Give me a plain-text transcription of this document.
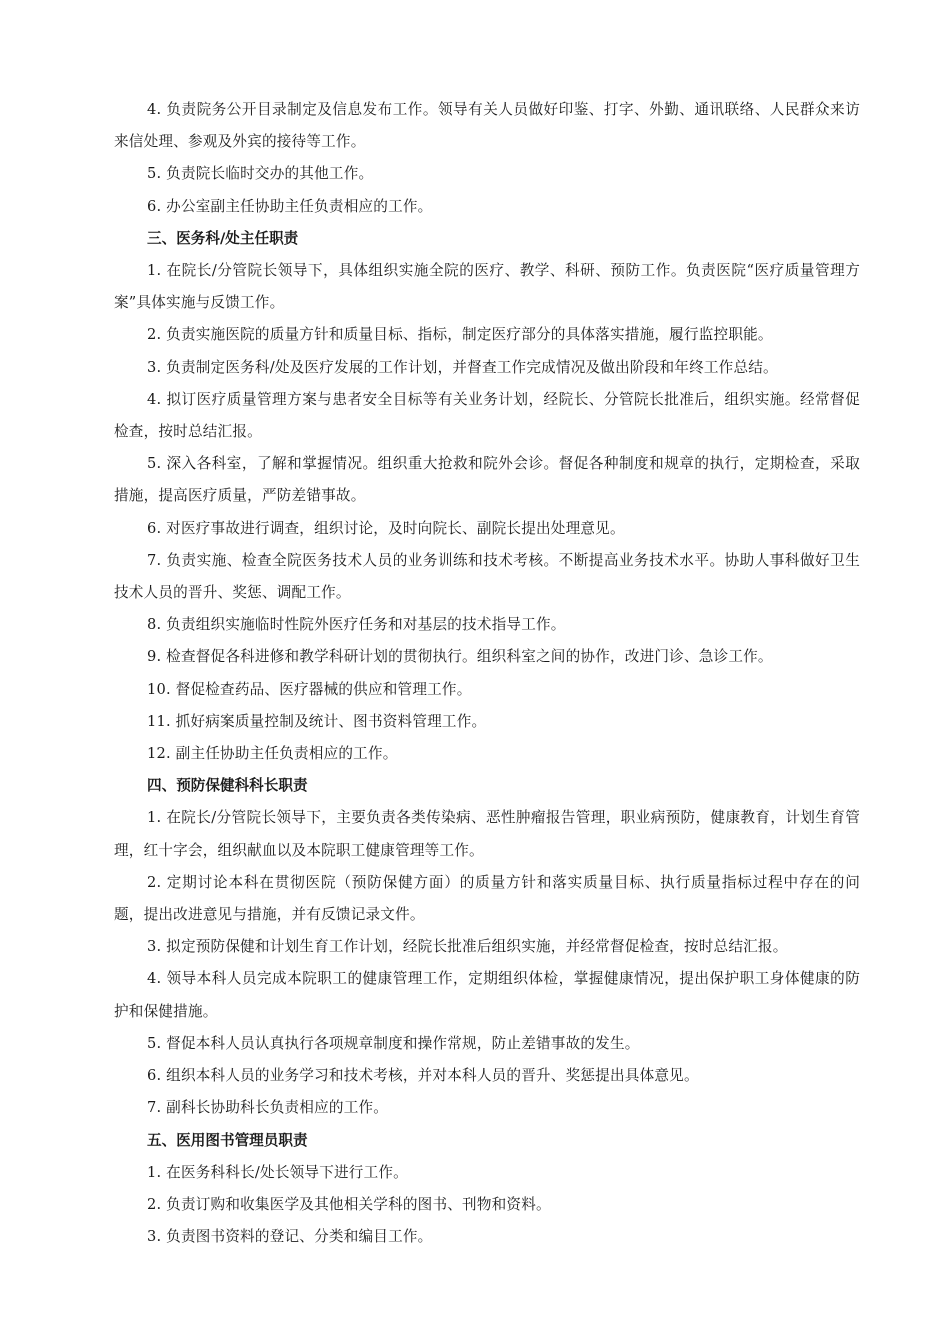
4. 负责院务公开目录制定及信息发布工作。领导有关人员做好印鉴、打字、外勤、通讯联络、人民群众来访来信处理、参观及外宾的接待等工作。

5. 负责院长临时交办的其他工作。

6. 办公室副主任协助主任负责相应的工作。

三、医务科/处主任职责

1. 在院长/分管院长领导下，具体组织实施全院的医疗、教学、科研、预防工作。负责医院“医疗质量管理方案”具体实施与反馈工作。

2. 负责实施医院的质量方针和质量目标、指标，制定医疗部分的具体落实措施，履行监控职能。

3. 负责制定医务科/处及医疗发展的工作计划，并督查工作完成情况及做出阶段和年终工作总结。

4. 拟订医疗质量管理方案与患者安全目标等有关业务计划，经院长、分管院长批准后，组织实施。经常督促检查，按时总结汇报。

5. 深入各科室，了解和掌握情况。组织重大抢救和院外会诊。督促各种制度和规章的执行，定期检查，采取措施，提高医疗质量，严防差错事故。

6. 对医疗事故进行调查，组织讨论，及时向院长、副院长提出处理意见。

7. 负责实施、检查全院医务技术人员的业务训练和技术考核。不断提高业务技术水平。协助人事科做好卫生技术人员的晋升、奖惩、调配工作。

8. 负责组织实施临时性院外医疗任务和对基层的技术指导工作。

9. 检查督促各科进修和教学科研计划的贯彻执行。组织科室之间的协作，改进门诊、急诊工作。

10. 督促检查药品、医疗器械的供应和管理工作。

11. 抓好病案质量控制及统计、图书资料管理工作。

12. 副主任协助主任负责相应的工作。

四、预防保健科科长职责

1. 在院长/分管院长领导下，主要负责各类传染病、恶性肿瘤报告管理，职业病预防，健康教育，计划生育管理，红十字会，组织献血以及本院职工健康管理等工作。

2. 定期讨论本科在贯彻医院（预防保健方面）的质量方针和落实质量目标、执行质量指标过程中存在的问题，提出改进意见与措施，并有反馈记录文件。

3. 拟定预防保健和计划生育工作计划，经院长批准后组织实施，并经常督促检查，按时总结汇报。

4. 领导本科人员完成本院职工的健康管理工作，定期组织体检，掌握健康情况，提出保护职工身体健康的防护和保健措施。

5. 督促本科人员认真执行各项规章制度和操作常规，防止差错事故的发生。

6. 组织本科人员的业务学习和技术考核，并对本科人员的晋升、奖惩提出具体意见。

7. 副科长协助科长负责相应的工作。

五、医用图书管理员职责

1. 在医务科科长/处长领导下进行工作。

2. 负责订购和收集医学及其他相关学科的图书、刊物和资料。

3. 负责图书资料的登记、分类和编目工作。
